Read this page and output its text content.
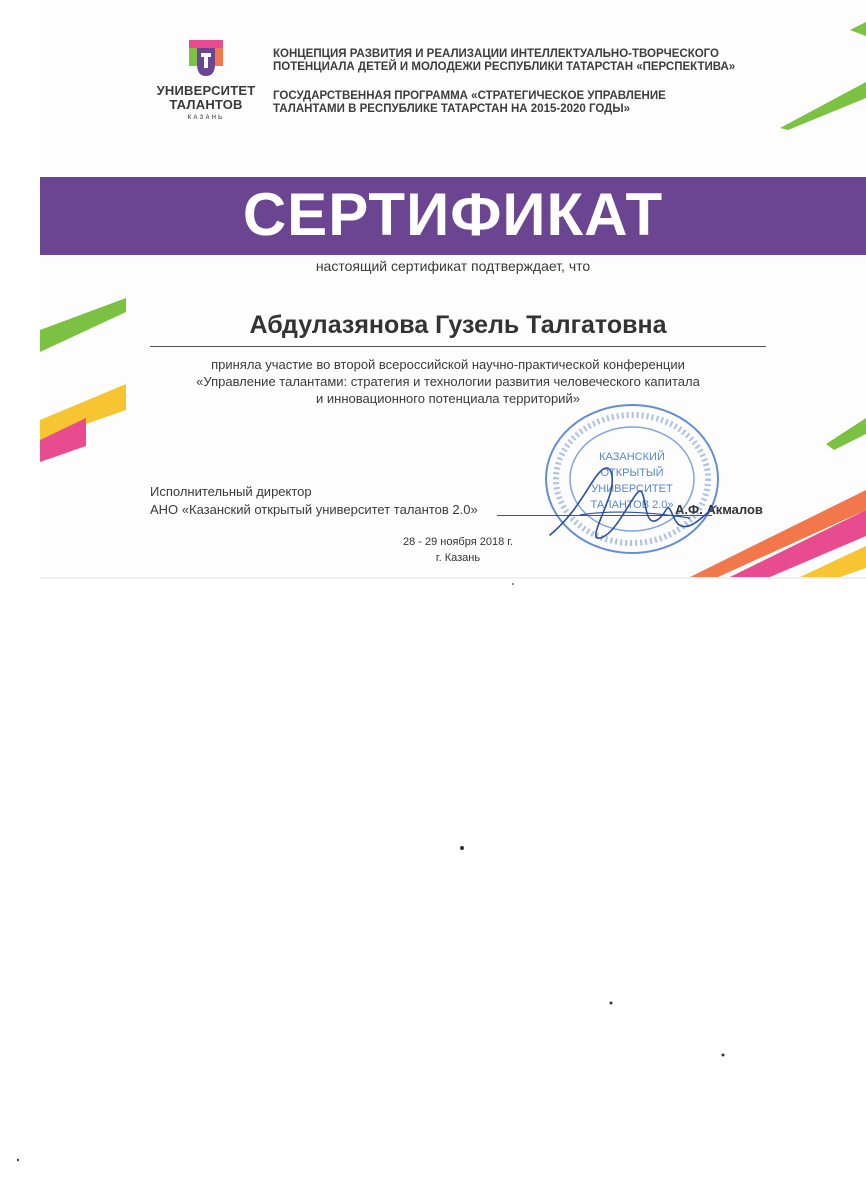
УНИВЕРСИТЕТ
ТАЛАНТОВ
КАЗАНЬ
КОНЦЕПЦИЯ РАЗВИТИЯ И РЕАЛИЗАЦИИ ИНТЕЛЛЕКТУАЛЬНО-ТВОРЧЕСКОГО
ПОТЕНЦИАЛА ДЕТЕЙ И МОЛОДЕЖИ РЕСПУБЛИКИ ТАТАРСТАН «ПЕРСПЕКТИВА»
ГОСУДАРСТВЕННАЯ ПРОГРАММА «СТРАТЕГИЧЕСКОЕ УПРАВЛЕНИЕ
ТАЛАНТАМИ В РЕСПУБЛИКЕ ТАТАРСТАН НА 2015-2020 ГОДЫ»
СЕРТИФИКАТ
настоящий сертификат подтверждает, что
Абдулазянова Гузель Талгатовна
приняла участие во второй всероссийской научно-практической конференции
«Управление талантами: стратегия и технологии развития человеческого капитала
и инновационного потенциала территорий»
КАЗАНСКИЙ
ОТКРЫТЫЙ
УНИВЕРСИТЕТ
ТАЛАНТОВ 2.0»
Исполнительный директор
АНО «Казанский открытый университет талантов 2.0»	А.Ф. Акмалов
28 - 29 ноября 2018 г.
г. Казань
